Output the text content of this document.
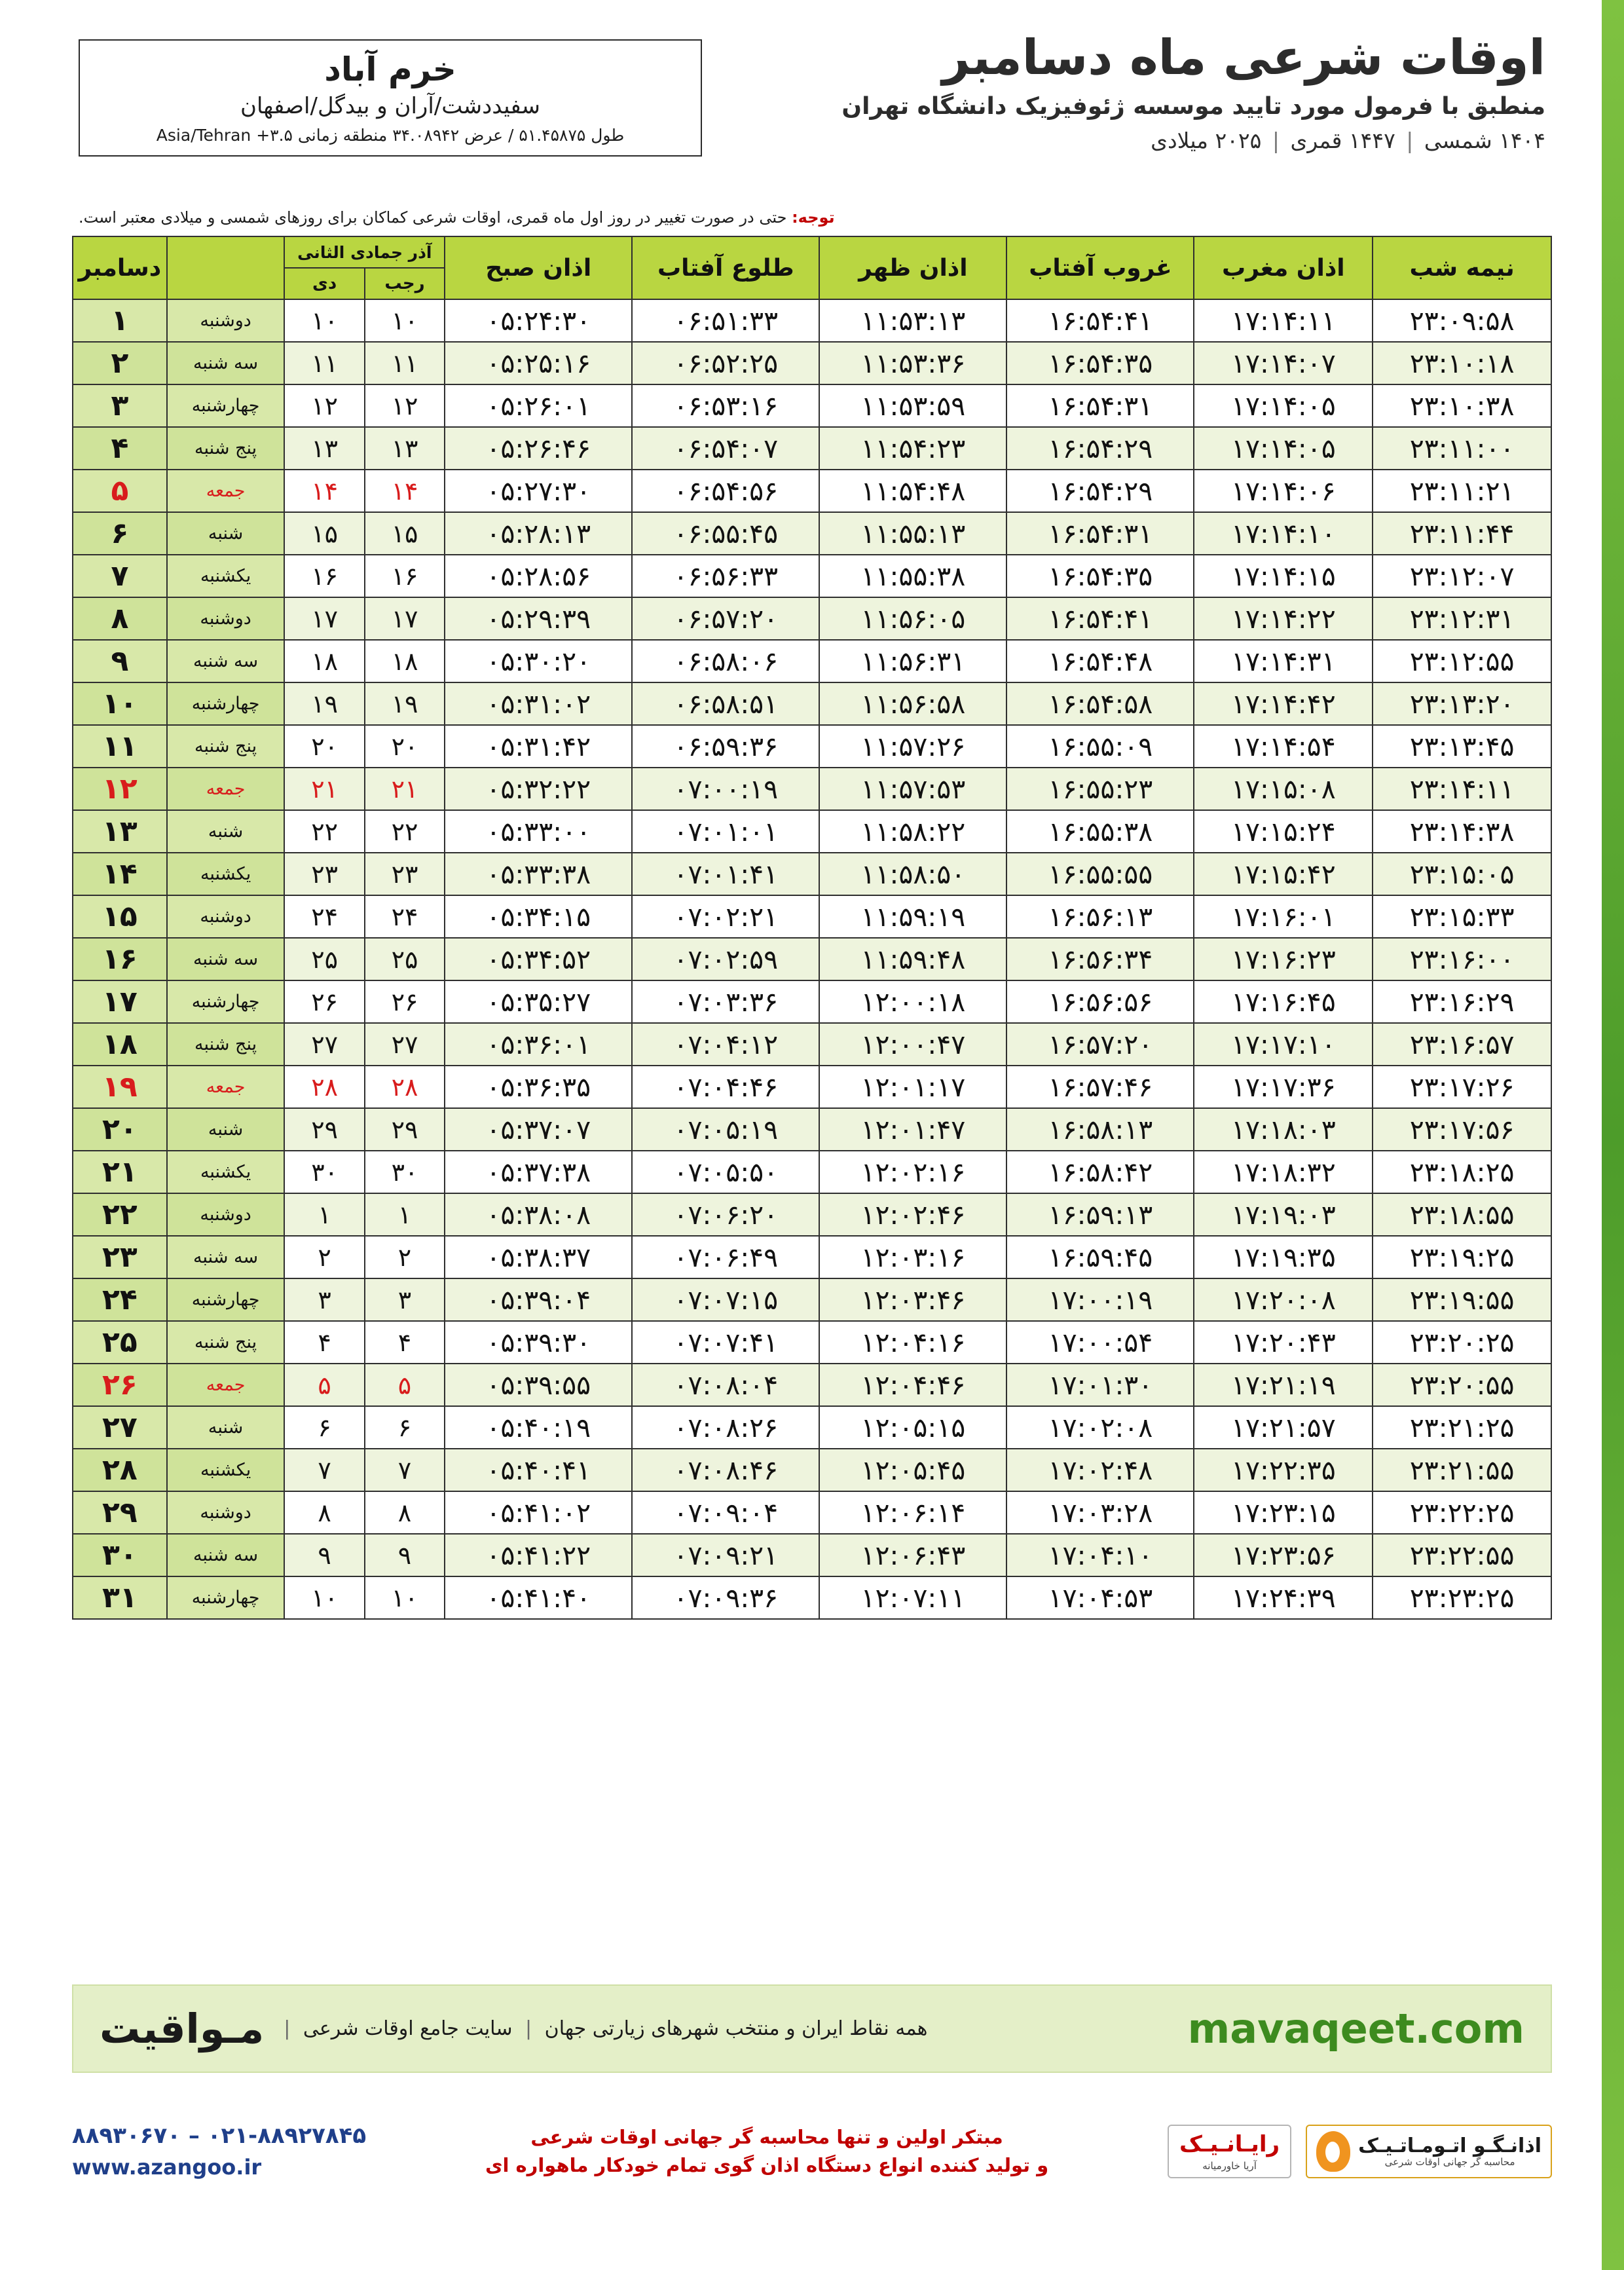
اوقات شرعی ماه دسامبر
منطبق با فرمول مورد تایید موسسه ژئوفیزیک دانشگاه تهران
۱۴۰۴ شمسی | ۱۴۴۷ قمری | ۲۰۲۵ میلادی
خرم آباد
سفیددشت/آران و بیدگل/اصفهان
طول ۵۱.۴۵۸۷۵ / عرض ۳۴.۰۸۹۴۲ منطقه زمانی ۳.۵+ Asia/Tehran
توجه: حتی در صورت تغییر در روز اول ماه قمری، اوقات شرعی کماکان برای روزهای شمسی و میلادی معتبر است.
نیمه شب	اذان مغرب	غروب آفتاب	اذان ظهر	طلوع آفتاب	اذان صبح	آذر جمادی الثانی			دسامبر
						رجب	دی		
۲۳:۰۹:۵۸	۱۷:۱۴:۱۱	۱۶:۵۴:۴۱	۱۱:۵۳:۱۳	۰۶:۵۱:۳۳	۰۵:۲۴:۳۰	۱۰	۱۰	دوشنبه	۱
۲۳:۱۰:۱۸	۱۷:۱۴:۰۷	۱۶:۵۴:۳۵	۱۱:۵۳:۳۶	۰۶:۵۲:۲۵	۰۵:۲۵:۱۶	۱۱	۱۱	سه شنبه	۲
۲۳:۱۰:۳۸	۱۷:۱۴:۰۵	۱۶:۵۴:۳۱	۱۱:۵۳:۵۹	۰۶:۵۳:۱۶	۰۵:۲۶:۰۱	۱۲	۱۲	چهارشنبه	۳
۲۳:۱۱:۰۰	۱۷:۱۴:۰۵	۱۶:۵۴:۲۹	۱۱:۵۴:۲۳	۰۶:۵۴:۰۷	۰۵:۲۶:۴۶	۱۳	۱۳	پنج شنبه	۴
۲۳:۱۱:۲۱	۱۷:۱۴:۰۶	۱۶:۵۴:۲۹	۱۱:۵۴:۴۸	۰۶:۵۴:۵۶	۰۵:۲۷:۳۰	۱۴	۱۴	جمعه	۵
۲۳:۱۱:۴۴	۱۷:۱۴:۱۰	۱۶:۵۴:۳۱	۱۱:۵۵:۱۳	۰۶:۵۵:۴۵	۰۵:۲۸:۱۳	۱۵	۱۵	شنبه	۶
۲۳:۱۲:۰۷	۱۷:۱۴:۱۵	۱۶:۵۴:۳۵	۱۱:۵۵:۳۸	۰۶:۵۶:۳۳	۰۵:۲۸:۵۶	۱۶	۱۶	یکشنبه	۷
۲۳:۱۲:۳۱	۱۷:۱۴:۲۲	۱۶:۵۴:۴۱	۱۱:۵۶:۰۵	۰۶:۵۷:۲۰	۰۵:۲۹:۳۹	۱۷	۱۷	دوشنبه	۸
۲۳:۱۲:۵۵	۱۷:۱۴:۳۱	۱۶:۵۴:۴۸	۱۱:۵۶:۳۱	۰۶:۵۸:۰۶	۰۵:۳۰:۲۰	۱۸	۱۸	سه شنبه	۹
۲۳:۱۳:۲۰	۱۷:۱۴:۴۲	۱۶:۵۴:۵۸	۱۱:۵۶:۵۸	۰۶:۵۸:۵۱	۰۵:۳۱:۰۲	۱۹	۱۹	چهارشنبه	۱۰
۲۳:۱۳:۴۵	۱۷:۱۴:۵۴	۱۶:۵۵:۰۹	۱۱:۵۷:۲۶	۰۶:۵۹:۳۶	۰۵:۳۱:۴۲	۲۰	۲۰	پنج شنبه	۱۱
۲۳:۱۴:۱۱	۱۷:۱۵:۰۸	۱۶:۵۵:۲۳	۱۱:۵۷:۵۳	۰۷:۰۰:۱۹	۰۵:۳۲:۲۲	۲۱	۲۱	جمعه	۱۲
۲۳:۱۴:۳۸	۱۷:۱۵:۲۴	۱۶:۵۵:۳۸	۱۱:۵۸:۲۲	۰۷:۰۱:۰۱	۰۵:۳۳:۰۰	۲۲	۲۲	شنبه	۱۳
۲۳:۱۵:۰۵	۱۷:۱۵:۴۲	۱۶:۵۵:۵۵	۱۱:۵۸:۵۰	۰۷:۰۱:۴۱	۰۵:۳۳:۳۸	۲۳	۲۳	یکشنبه	۱۴
۲۳:۱۵:۳۳	۱۷:۱۶:۰۱	۱۶:۵۶:۱۳	۱۱:۵۹:۱۹	۰۷:۰۲:۲۱	۰۵:۳۴:۱۵	۲۴	۲۴	دوشنبه	۱۵
۲۳:۱۶:۰۰	۱۷:۱۶:۲۳	۱۶:۵۶:۳۴	۱۱:۵۹:۴۸	۰۷:۰۲:۵۹	۰۵:۳۴:۵۲	۲۵	۲۵	سه شنبه	۱۶
۲۳:۱۶:۲۹	۱۷:۱۶:۴۵	۱۶:۵۶:۵۶	۱۲:۰۰:۱۸	۰۷:۰۳:۳۶	۰۵:۳۵:۲۷	۲۶	۲۶	چهارشنبه	۱۷
۲۳:۱۶:۵۷	۱۷:۱۷:۱۰	۱۶:۵۷:۲۰	۱۲:۰۰:۴۷	۰۷:۰۴:۱۲	۰۵:۳۶:۰۱	۲۷	۲۷	پنج شنبه	۱۸
۲۳:۱۷:۲۶	۱۷:۱۷:۳۶	۱۶:۵۷:۴۶	۱۲:۰۱:۱۷	۰۷:۰۴:۴۶	۰۵:۳۶:۳۵	۲۸	۲۸	جمعه	۱۹
۲۳:۱۷:۵۶	۱۷:۱۸:۰۳	۱۶:۵۸:۱۳	۱۲:۰۱:۴۷	۰۷:۰۵:۱۹	۰۵:۳۷:۰۷	۲۹	۲۹	شنبه	۲۰
۲۳:۱۸:۲۵	۱۷:۱۸:۳۲	۱۶:۵۸:۴۲	۱۲:۰۲:۱۶	۰۷:۰۵:۵۰	۰۵:۳۷:۳۸	۳۰	۳۰	یکشنبه	۲۱
۲۳:۱۸:۵۵	۱۷:۱۹:۰۳	۱۶:۵۹:۱۳	۱۲:۰۲:۴۶	۰۷:۰۶:۲۰	۰۵:۳۸:۰۸	۱	۱	دوشنبه	۲۲
۲۳:۱۹:۲۵	۱۷:۱۹:۳۵	۱۶:۵۹:۴۵	۱۲:۰۳:۱۶	۰۷:۰۶:۴۹	۰۵:۳۸:۳۷	۲	۲	سه شنبه	۲۳
۲۳:۱۹:۵۵	۱۷:۲۰:۰۸	۱۷:۰۰:۱۹	۱۲:۰۳:۴۶	۰۷:۰۷:۱۵	۰۵:۳۹:۰۴	۳	۳	چهارشنبه	۲۴
۲۳:۲۰:۲۵	۱۷:۲۰:۴۳	۱۷:۰۰:۵۴	۱۲:۰۴:۱۶	۰۷:۰۷:۴۱	۰۵:۳۹:۳۰	۴	۴	پنج شنبه	۲۵
۲۳:۲۰:۵۵	۱۷:۲۱:۱۹	۱۷:۰۱:۳۰	۱۲:۰۴:۴۶	۰۷:۰۸:۰۴	۰۵:۳۹:۵۵	۵	۵	جمعه	۲۶
۲۳:۲۱:۲۵	۱۷:۲۱:۵۷	۱۷:۰۲:۰۸	۱۲:۰۵:۱۵	۰۷:۰۸:۲۶	۰۵:۴۰:۱۹	۶	۶	شنبه	۲۷
۲۳:۲۱:۵۵	۱۷:۲۲:۳۵	۱۷:۰۲:۴۸	۱۲:۰۵:۴۵	۰۷:۰۸:۴۶	۰۵:۴۰:۴۱	۷	۷	یکشنبه	۲۸
۲۳:۲۲:۲۵	۱۷:۲۳:۱۵	۱۷:۰۳:۲۸	۱۲:۰۶:۱۴	۰۷:۰۹:۰۴	۰۵:۴۱:۰۲	۸	۸	دوشنبه	۲۹
۲۳:۲۲:۵۵	۱۷:۲۳:۵۶	۱۷:۰۴:۱۰	۱۲:۰۶:۴۳	۰۷:۰۹:۲۱	۰۵:۴۱:۲۲	۹	۹	سه شنبه	۳۰
۲۳:۲۳:۲۵	۱۷:۲۴:۳۹	۱۷:۰۴:۵۳	۱۲:۰۷:۱۱	۰۷:۰۹:۳۶	۰۵:۴۱:۴۰	۱۰	۱۰	چهارشنبه	۳۱
mavaqeet.com
همه نقاط ایران و منتخب شهرهای زیارتی جهان | سایت جامع اوقات شرعی |
مـواقیت
اذانـگـو اتـومـاتـیـک
محاسبه گر جهانی اوقات شرعی
رایـانـیـک
آریا خاورمیانه
مبتکر اولین و تنها محاسبه گر جهانی اوقات شرعی
و تولید کننده انواع دستگاه اذان گوی تمام خودکار ماهواره ای
۰۲۱-۸۸۹۲۷۸۴۵ – ۸۸۹۳۰۶۷۰
www.azangoo.ir
